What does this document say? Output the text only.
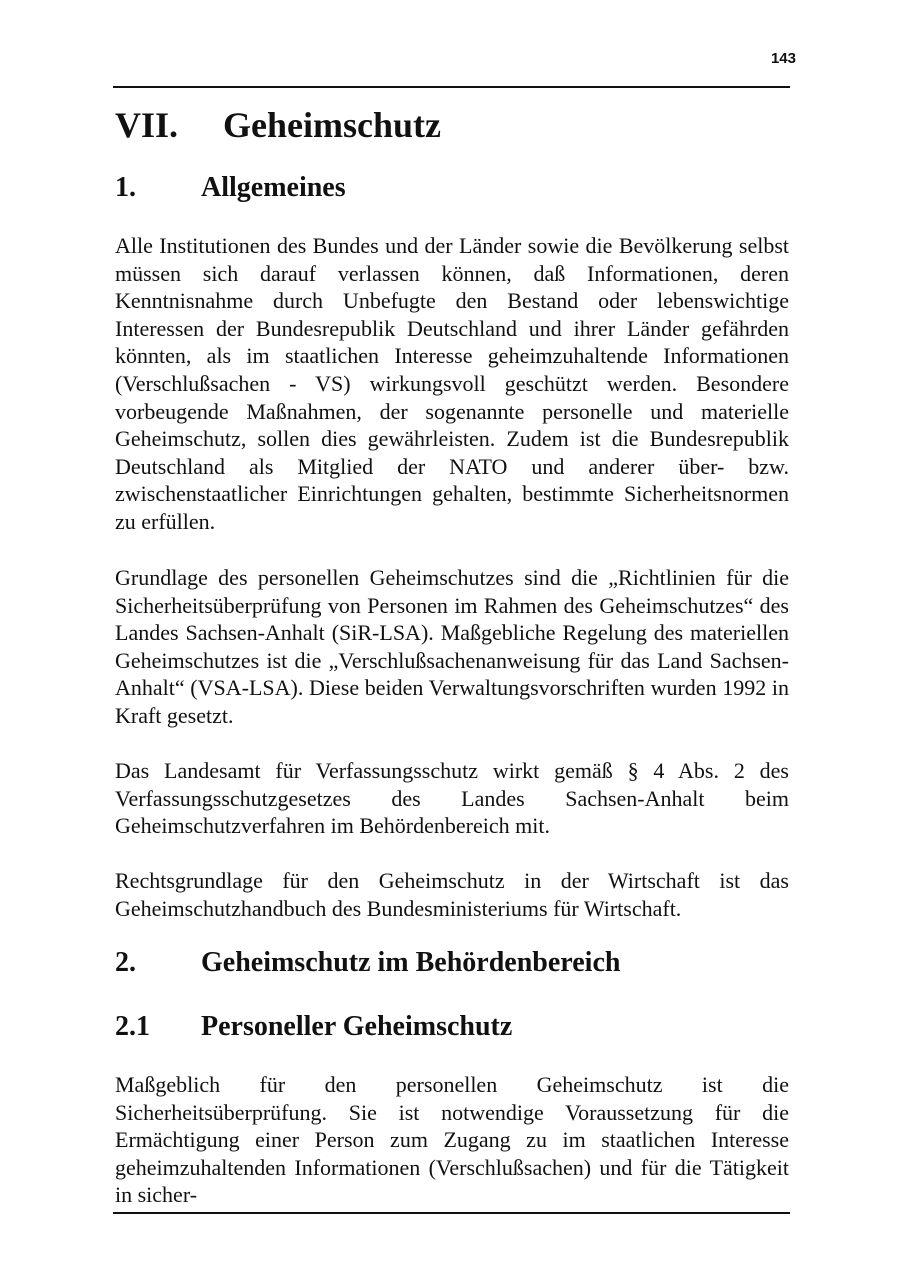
143
VII. Geheimschutz
1. Allgemeines

Alle Institutionen des Bundes und der Länder sowie die Bevölkerung selbst müssen sich darauf verlassen können, daß Informationen, deren Kenntnisnahme durch Unbefugte den Bestand oder lebenswichtige Interessen der Bundesrepublik Deutschland und ihrer Länder gefährden könnten, als im staatlichen Interesse geheimzuhaltende Informationen (Verschlußsachen - VS) wirkungsvoll geschützt werden. Besondere vorbeugende Maßnahmen, der sogenannte personelle und materielle Geheimschutz, sollen dies gewährleisten. Zudem ist die Bundesrepublik Deutschland als Mitglied der NATO und anderer über- bzw. zwischenstaatlicher Einrichtungen gehalten, bestimmte Sicherheitsnormen zu erfüllen.

Grundlage des personellen Geheimschutzes sind die „Richtlinien für die Sicherheitsüberprüfung von Personen im Rahmen des Geheimschutzes“ des Landes Sachsen-Anhalt (SiR-LSA). Maßgebliche Regelung des materiellen Geheimschutzes ist die „Verschlußsachenanweisung für das Land Sachsen-Anhalt“ (VSA-LSA). Diese beiden Verwaltungsvorschriften wurden 1992 in Kraft gesetzt.

Das Landesamt für Verfassungsschutz wirkt gemäß § 4 Abs. 2 des Verfassungsschutzgesetzes des Landes Sachsen-Anhalt beim Geheimschutzverfahren im Behördenbereich mit.

Rechtsgrundlage für den Geheimschutz in der Wirtschaft ist das Geheimschutzhandbuch des Bundesministeriums für Wirtschaft.

2. Geheimschutz im Behördenbereich
2.1 Personeller Geheimschutz

Maßgeblich für den personellen Geheimschutz ist die Sicherheitsüberprüfung. Sie ist notwendige Voraussetzung für die Ermächtigung einer Person zum Zugang zu im staatlichen Interesse geheimzuhaltenden Informationen (Verschlußsachen) und für die Tätigkeit in sicher-
